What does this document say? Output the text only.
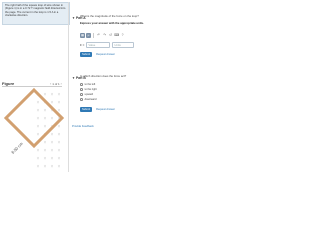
The right half of the square loop of wire shown in (Figure 1) is in a 0.72 T magnetic field directed into the page. The current in the loop is 1.5 A in a clockwise direction.
Figure	‹ 1 of 1 ›
× × × ×
× × × ×
× × × ×
× × × ×
× × × ×
× × × ×
× × × ×
× × × ×
× × × ×
× × × ×
6.50 cm
▼Part A
What is the magnitude of the force on the loop?
Express your answer with the appropriate units.
▦	μ	↶ ↷ ↺ ⌨ ?
F =	Value	Units
Submit	Request Answer
▼Part B
In which direction does the force act?
to the left
to the right
upward
downward
Submit	Request Answer
Provide Feedback
